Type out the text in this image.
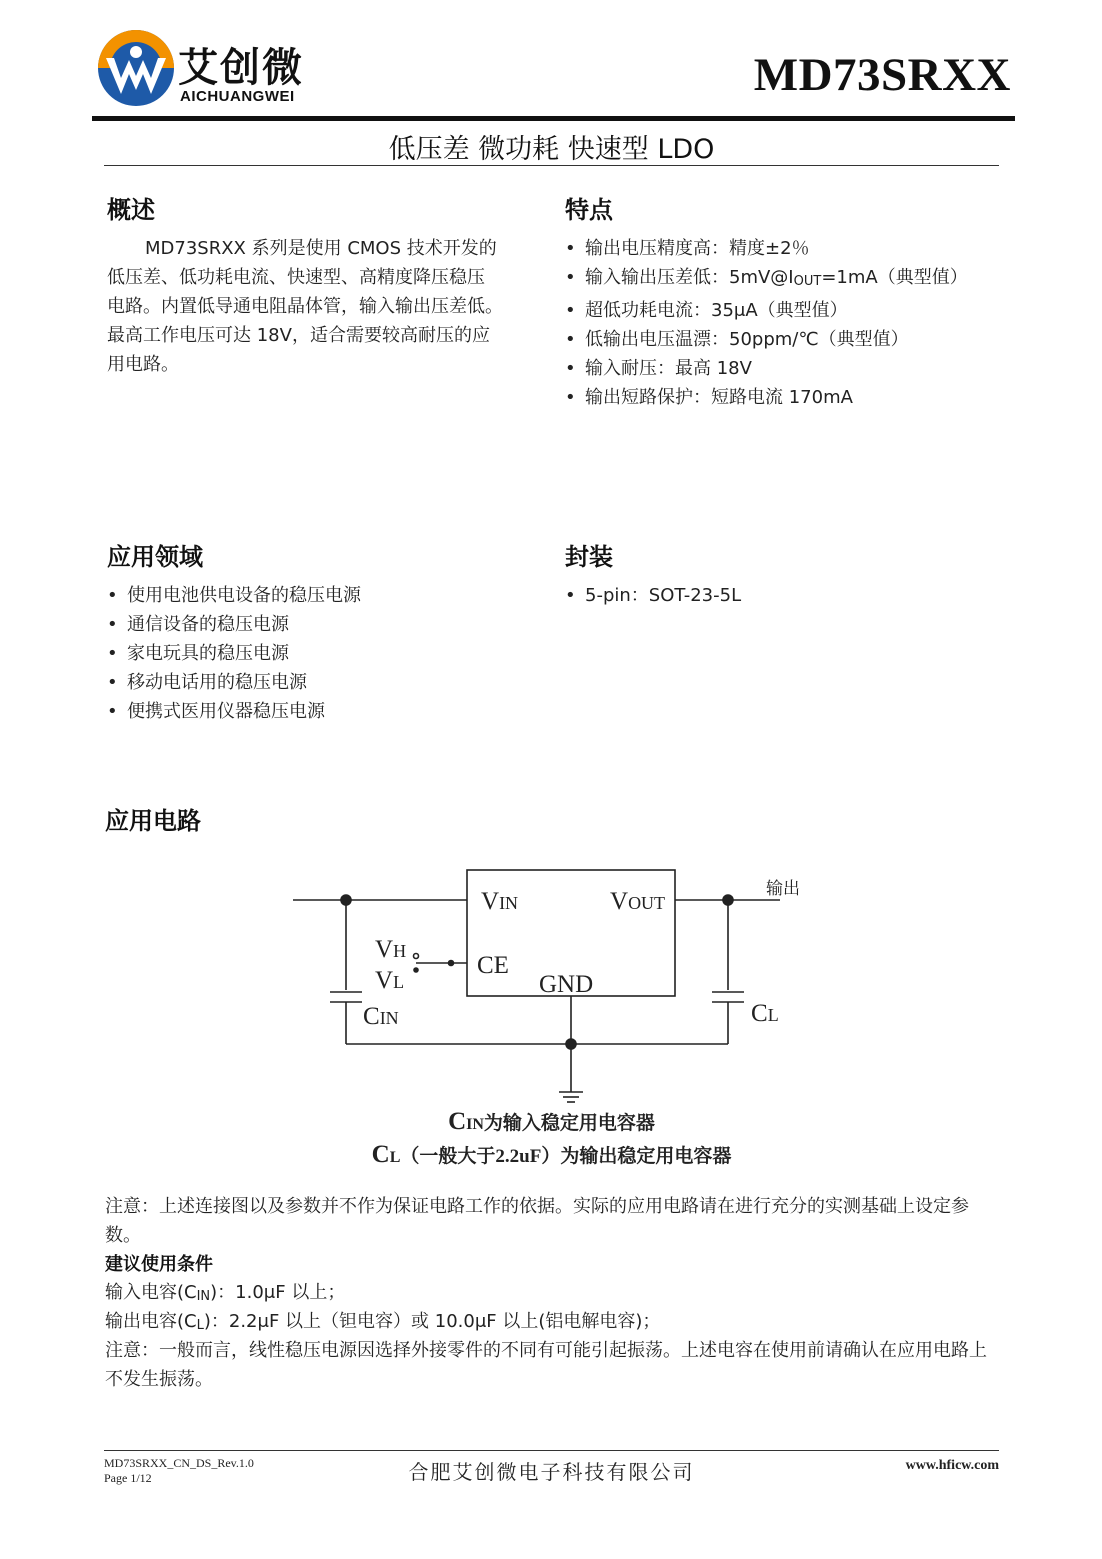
艾创微
AICHUANGWEI	MD73SRXX
低压差 微功耗 快速型 LDO
概述
MD73SRXX 系列是使用 CMOS 技术开发的
低压差、低功耗电流、快速型、高精度降压稳压
电路。内置低导通电阻晶体管，输入输出压差低。
最高工作电压可达 18V，适合需要较高耐压的应
用电路。
特点
• 输出电压精度高：精度±2％
• 输入输出压差低：$5mV@I_{OUT}=1mA$（典型值）
• 超低功耗电流：35μA（典型值）
• 低输出电压温漂：50ppm/℃（典型值）
• 输入耐压：最高 18V
• 输出短路保护：短路电流 170mA
应用领域
• 使用电池供电设备的稳压电源
• 通信设备的稳压电源
• 家电玩具的稳压电源
• 移动电话用的稳压电源
• 便携式医用仪器稳压电源
封装
• 5-pin：SOT-23-5L
应用电路
VIN	VOUT
CE
GND
VH
VL
CIN	CL
输出
CIN为输入稳定用电容器
CL（一般大于2.2uF）为输出稳定用电容器
注意：上述连接图以及参数并不作为保证电路工作的依据。实际的应用电路请在进行充分的实测基础上设定参数。
建议使用条件
输入电容$(C_{IN})$：1.0μF 以上；
输出电容$(C_L)$：2.2μF 以上（钽电容）或 10.0μF 以上(铝电解电容)；
注意：一般而言，线性稳压电源因选择外接零件的不同有可能引起振荡。上述电容在使用前请确认在应用电路上不发生振荡。
MD73SRXX_CN_DS_Rev.1.0
Page 1/12	合肥艾创微电子科技有限公司	www.hficw.com
